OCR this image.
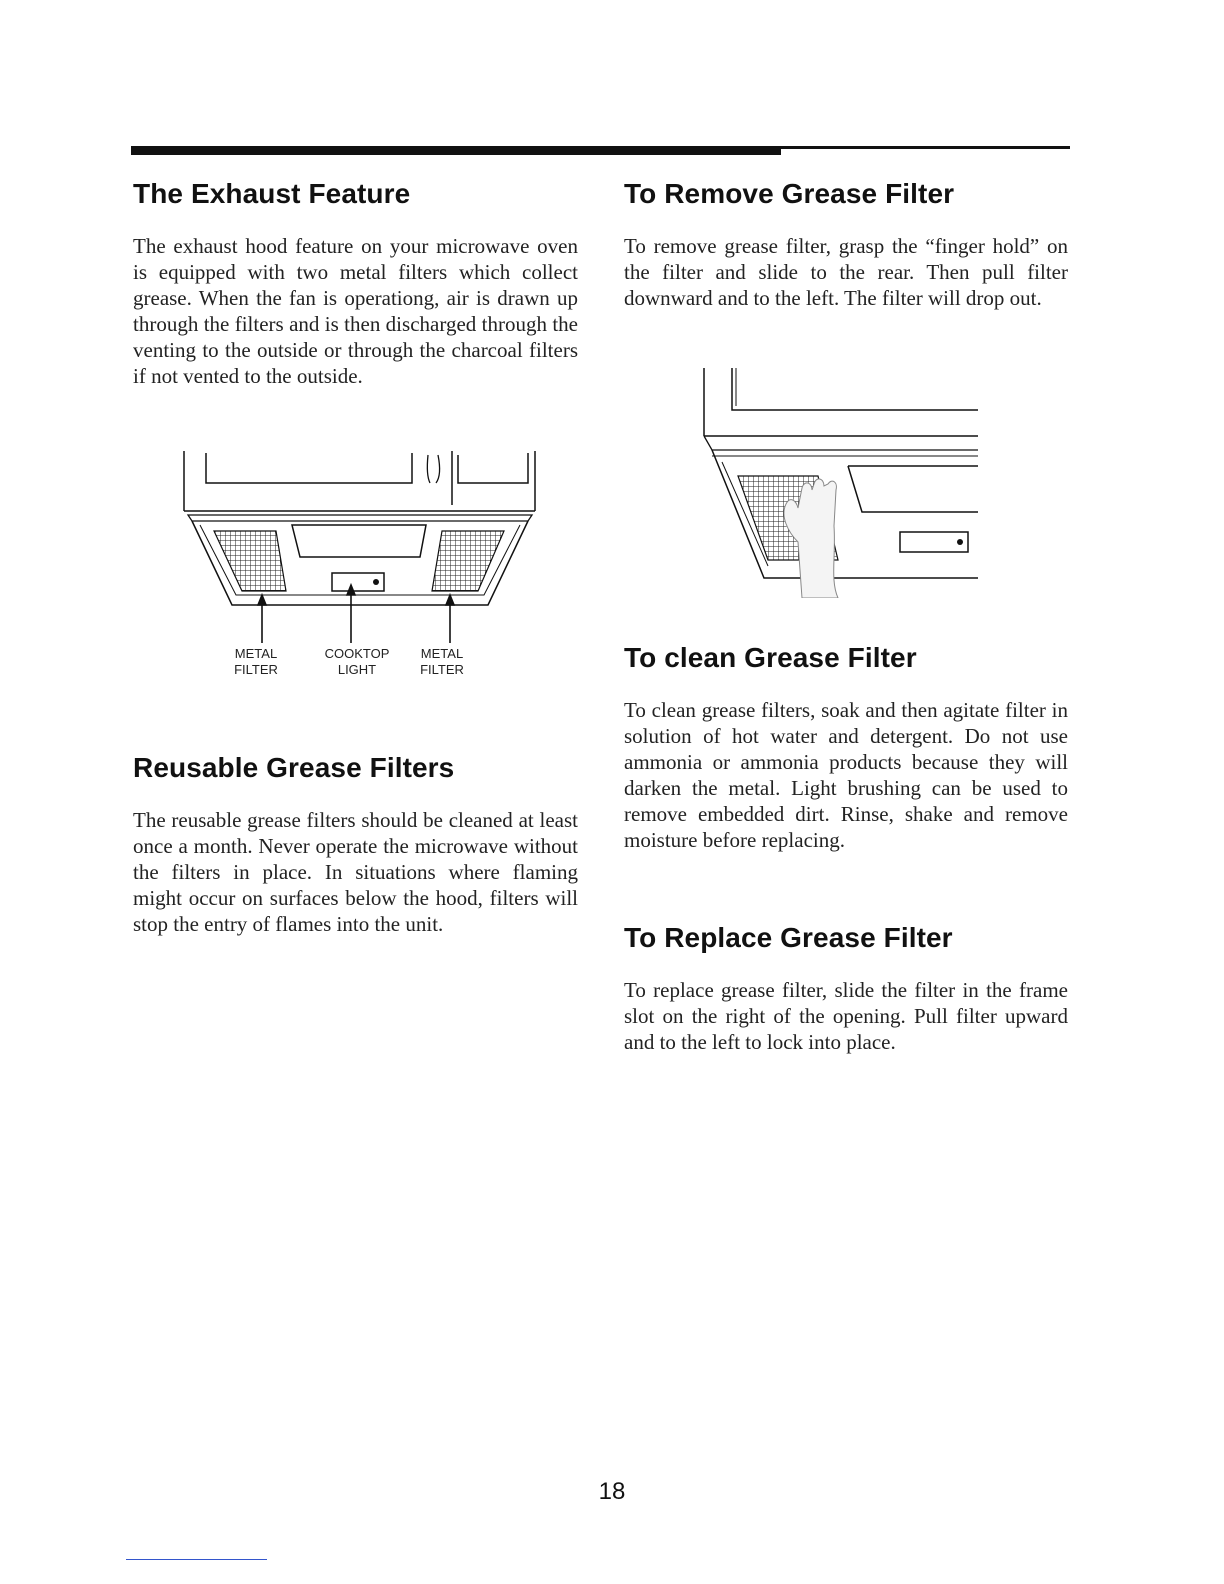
The Exhaust Feature

The exhaust hood feature on your microwave oven is equipped with two metal filters which collect grease. When the fan is operationg, air is drawn up through the filters and is then discharged through the venting to the outside or through the charcoal filters if not vented to the outside.

METAL
FILTER
COOKTOP
LIGHT
METAL
FILTER
Reusable Grease Filters

The reusable grease filters should be cleaned at least once a month. Never operate the microwave without the filters in place. In situations where flaming might occur on surfaces below the hood, filters will stop the entry of flames into the unit.

To Remove Grease Filter

To remove grease filter, grasp the “finger hold” on the filter and slide to the rear. Then pull filter downward and to the left. The filter will drop out.

To clean Grease Filter

To clean grease filters, soak and then agitate filter in solution of hot water and detergent. Do not use ammonia or ammonia products because they will darken the metal. Light brushing can be used to remove embedded dirt. Rinse, shake and remove moisture before replacing.

To Replace Grease Filter

To replace grease filter, slide the filter in the frame slot on the right of the opening. Pull filter upward and to the left to lock into place.

18
